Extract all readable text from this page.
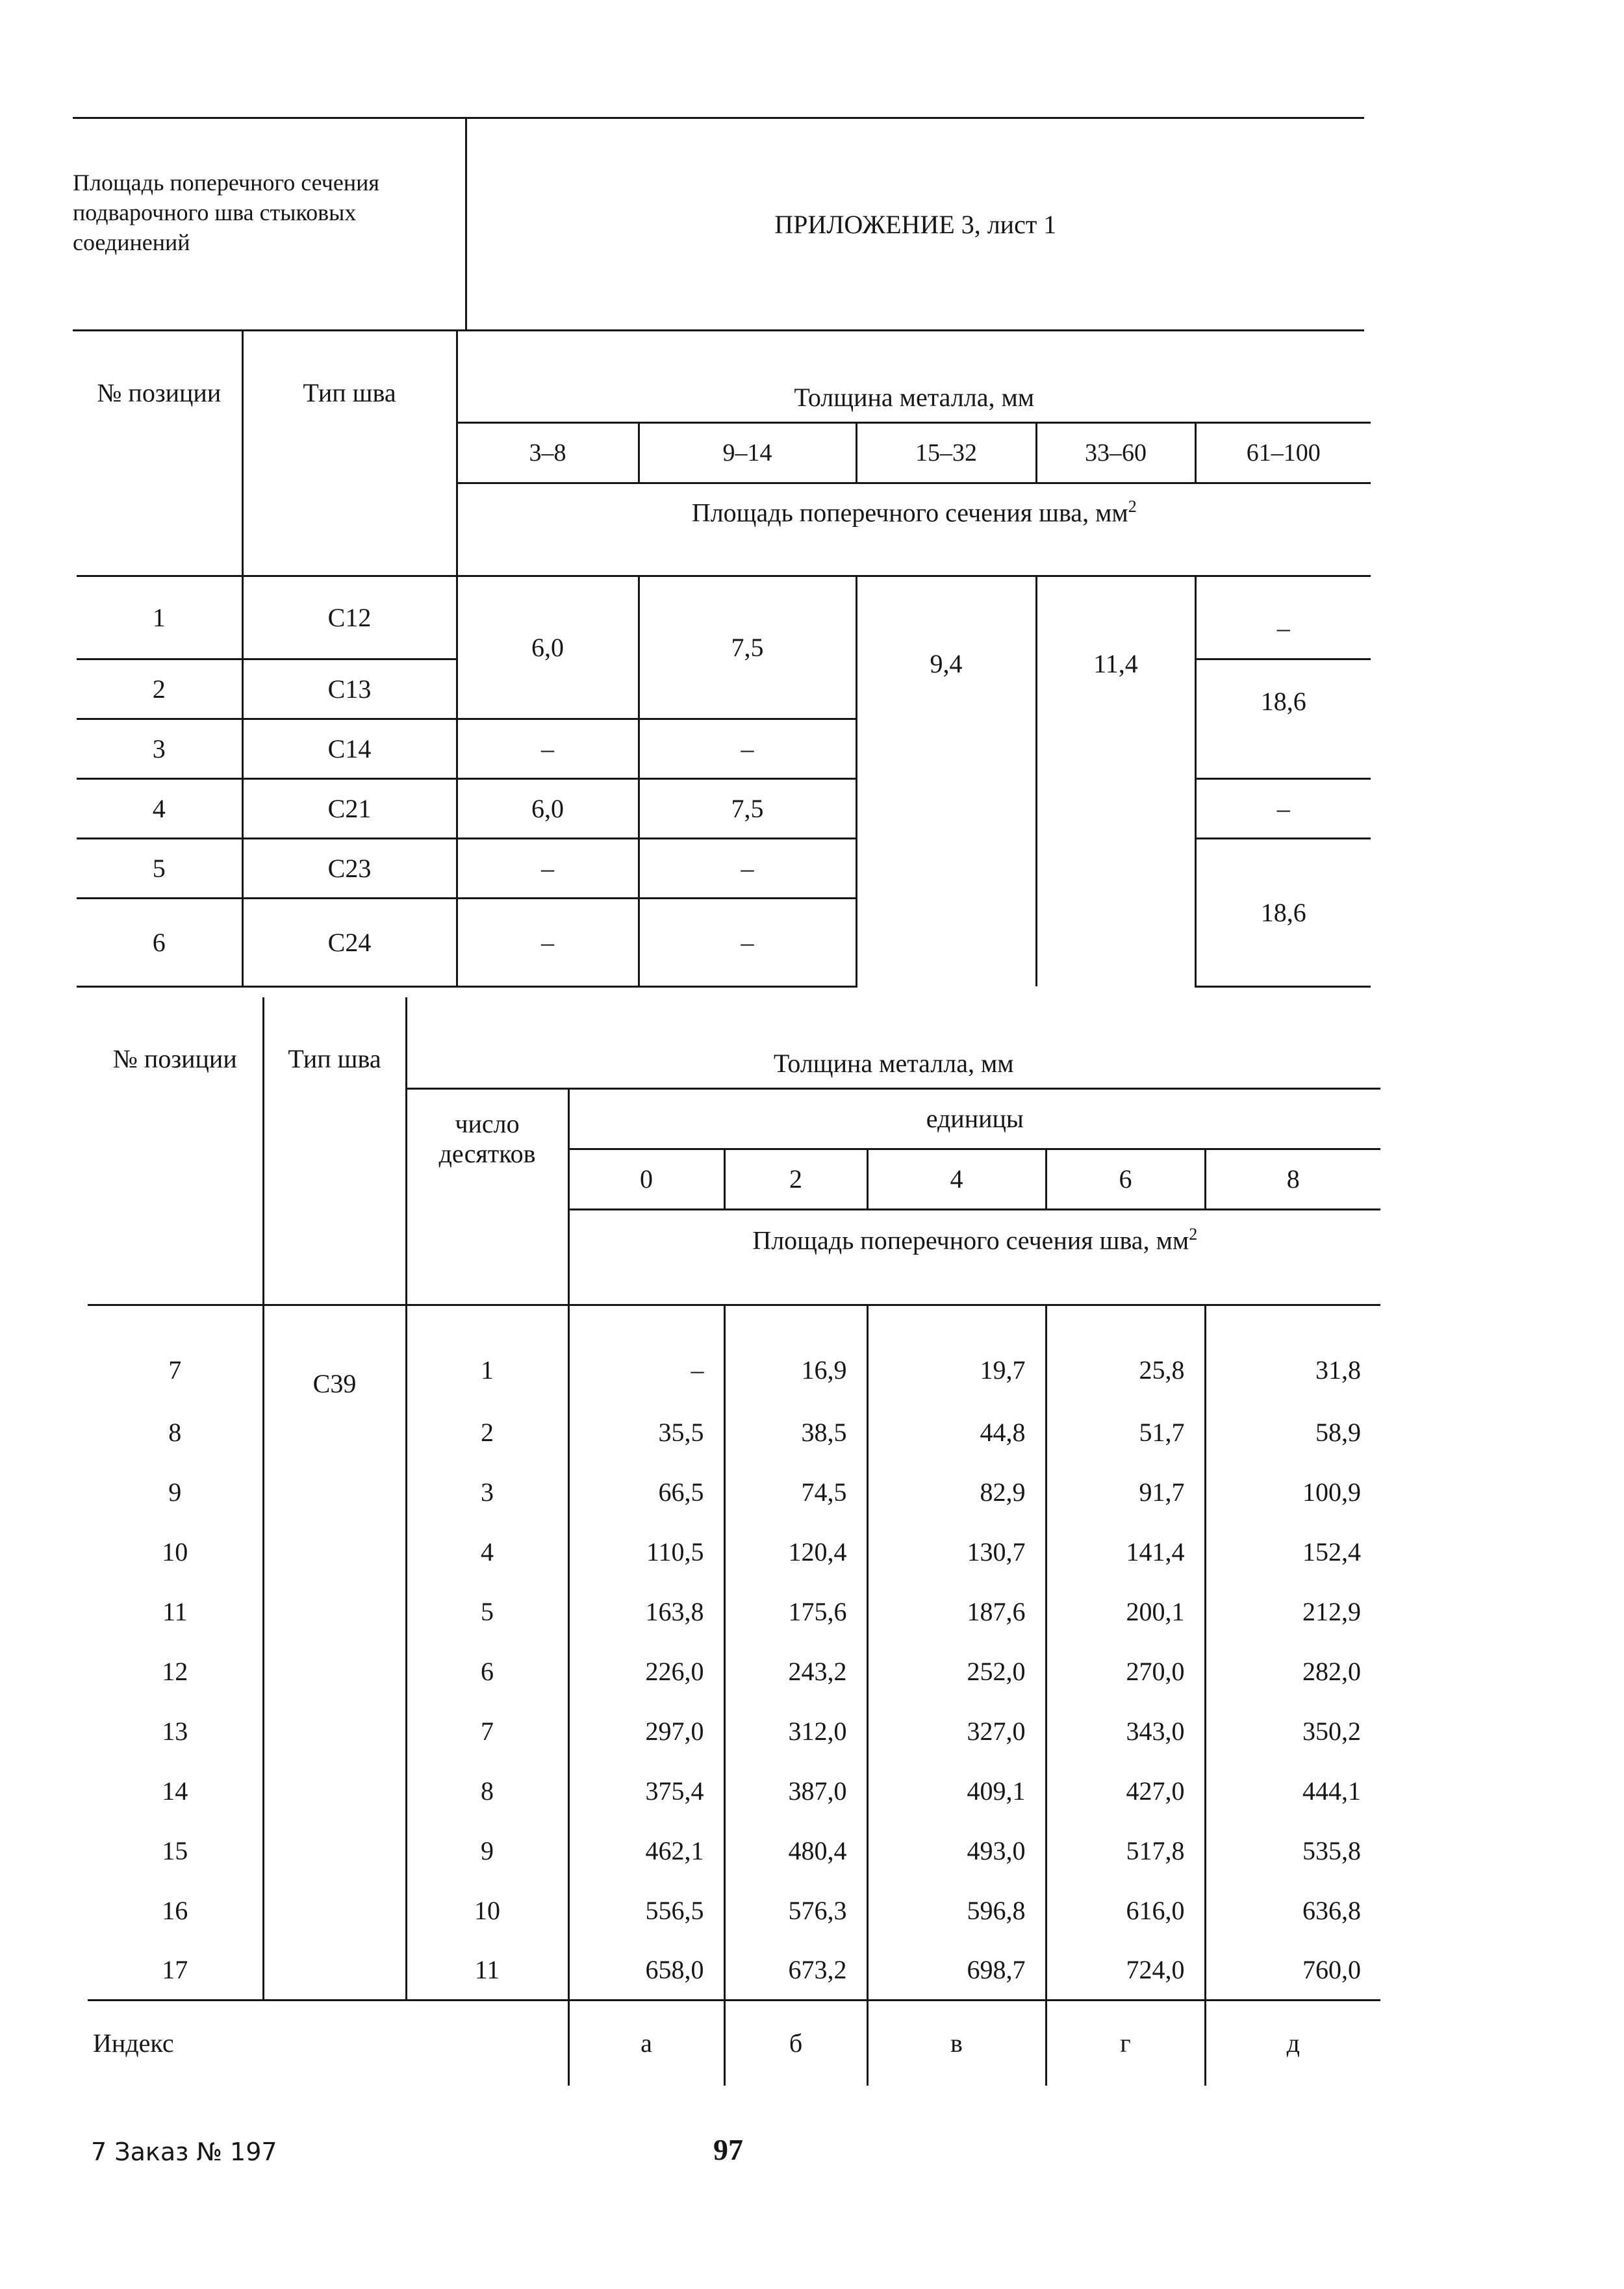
Площадь поперечного сечения
подварочного шва стыковых
соединений
	ПРИЛОЖЕНИЕ 3, лист 1
№ позиции	Тип шва	Толщина металла, мм				
		3–8	9–14	15–32	33–60	61–100
		Площадь поперечного сечения шва, $мм^2$
1	С12	6,0	7,5	9,4	11,4	–
2	С13					18,6
3	С14	–	–			
4	С21	6,0	7,5			–
5	С23	–	–			18,6
6	С24	–	–			
№ позиции	Тип шва	Толщина металла, мм					
		число десятков	единицы				
			0	2	4	6	8
			Площадь поперечного сечения шва, $мм^2$
7	С39	1	–	16,9	19,7	25,8	31,8
8		2	35,5	38,5	44,8	51,7	58,9
9		3	66,5	74,5	82,9	91,7	100,9
10		4	110,5	120,4	130,7	141,4	152,4
11		5	163,8	175,6	187,6	200,1	212,9
12		6	226,0	243,2	252,0	270,0	282,0
13		7	297,0	312,0	327,0	343,0	350,2
14		8	375,4	387,0	409,1	427,0	444,1
15		9	462,1	480,4	493,0	517,8	535,8
16		10	556,5	576,3	596,8	616,0	636,8
17		11	658,0	673,2	698,7	724,0	760,0
Индекс			а	б	в	г	д
7 Заказ № 197	97
